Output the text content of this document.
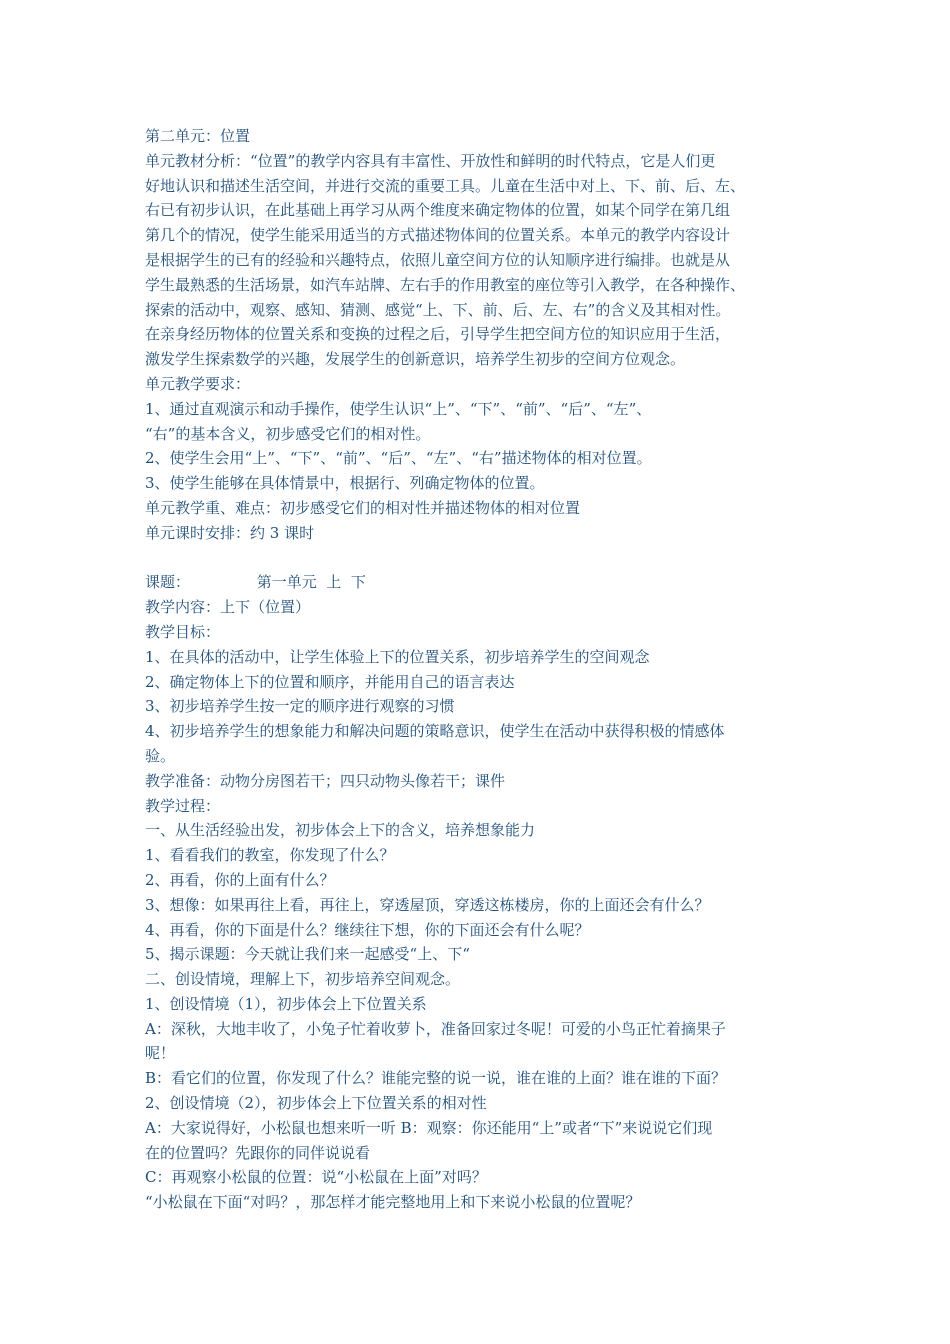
第二单元：位置
单元教材分析：“位置”的教学内容具有丰富性、开放性和鲜明的时代特点，它是人们更
好地认识和描述生活空间，并进行交流的重要工具。儿童在生活中对上、下、前、后、左、
右已有初步认识，在此基础上再学习从两个维度来确定物体的位置，如某个同学在第几组
第几个的情况，使学生能采用适当的方式描述物体间的位置关系。本单元的教学内容设计
是根据学生的已有的经验和兴趣特点，依照儿童空间方位的认知顺序进行编排。也就是从
学生最熟悉的生活场景，如汽车站牌、左右手的作用教室的座位等引入教学，在各种操作、
探索的活动中，观察、感知、猜测、感觉“上、下、前、后、左、右”的含义及其相对性。
在亲身经历物体的位置关系和变换的过程之后，引导学生把空间方位的知识应用于生活，
激发学生探索数学的兴趣，发展学生的创新意识，培养学生初步的空间方位观念。
单元教学要求：
1、通过直观演示和动手操作，使学生认识“上”、“下”、“前”、“后”、“左”、
“右”的基本含义，初步感受它们的相对性。
2、使学生会用“上”、“下”、“前”、“后”、“左”、“右”描述物体的相对位置。
3、使学生能够在具体情景中，根据行、列确定物体的位置。
单元教学重、难点：初步感受它们的相对性并描述物体的相对位置
单元课时安排：约 3 课时
课题：              第一单元  上  下
教学内容：上下（位置）
教学目标：
1、在具体的活动中，让学生体验上下的位置关系，初步培养学生的空间观念
2、确定物体上下的位置和顺序，并能用自己的语言表达
3、初步培养学生按一定的顺序进行观察的习惯
4、初步培养学生的想象能力和解决问题的策略意识，使学生在活动中获得积极的情感体
验。
教学准备：动物分房图若干；四只动物头像若干；课件
教学过程：
一、从生活经验出发，初步体会上下的含义，培养想象能力
1、看看我们的教室，你发现了什么？
2、再看，你的上面有什么？
3、想像：如果再往上看，再往上，穿透屋顶，穿透这栋楼房，你的上面还会有什么？
4、再看，你的下面是什么？继续往下想，你的下面还会有什么呢？
5、揭示课题：今天就让我们来一起感受“上、下“
二、创设情境，理解上下，初步培养空间观念。
1、创设情境（1），初步体会上下位置关系
A：深秋，大地丰收了，小兔子忙着收萝卜，准备回家过冬呢！可爱的小鸟正忙着摘果子
呢！
B：看它们的位置，你发现了什么？谁能完整的说一说，谁在谁的上面？谁在谁的下面？
2、创设情境（2），初步体会上下位置关系的相对性
A：大家说得好，小松鼠也想来听一听 B：观察：你还能用“上”或者“下”来说说它们现
在的位置吗？先跟你的同伴说说看
C：再观察小松鼠的位置：说“小松鼠在上面”对吗？
“小松鼠在下面“对吗？，那怎样才能完整地用上和下来说小松鼠的位置呢？
